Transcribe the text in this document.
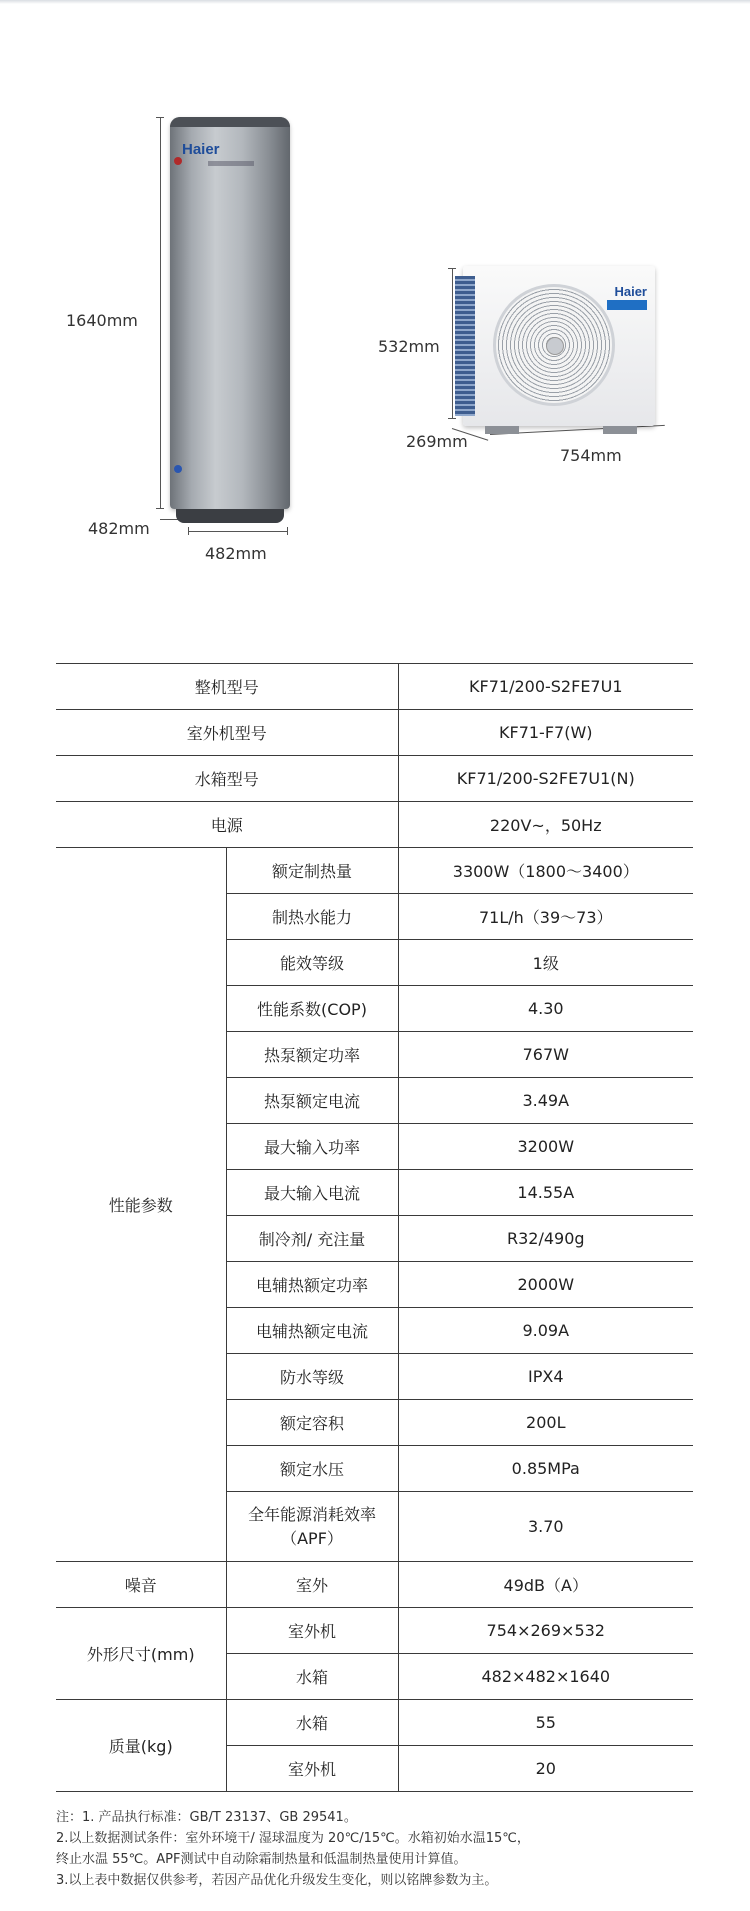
1640mm
482mm
482mm
Haier
532mm
269mm
754mm
Haier
整机型号		KF71/200-S2FE7U1
室外机型号		KF71-F7(W)
水箱型号		KF71/200-S2FE7U1(N)
电源		220V~，50Hz
性能参数	额定制热量	3300W（1800～3400）
	制热水能力	71L/h（39～73）
	能效等级	1级
	性能系数(COP)	4.30
	热泵额定功率	767W
	热泵额定电流	3.49A
	最大输入功率	3200W
	最大输入电流	14.55A
	制冷剂/ 充注量	R32/490g
	电辅热额定功率	2000W
	电辅热额定电流	9.09A
	防水等级	IPX4
	额定容积	200L
	额定水压	0.85MPa
	全年能源消耗效率
（APF）	3.70
噪音	室外	49dB（A）
外形尺寸(mm)	室外机	754×269×532
	水箱	482×482×1640
质量(kg)	水箱	55
	室外机	20
注：1. 产品执行标准：GB/T 23137、GB 29541。
2.以上数据测试条件：室外环境干/ 湿球温度为 20℃/15℃。水箱初始水温15℃，
终止水温 55℃。APF测试中自动除霜制热量和低温制热量使用计算值。
3.以上表中数据仅供参考，若因产品优化升级发生变化，则以铭牌参数为主。
